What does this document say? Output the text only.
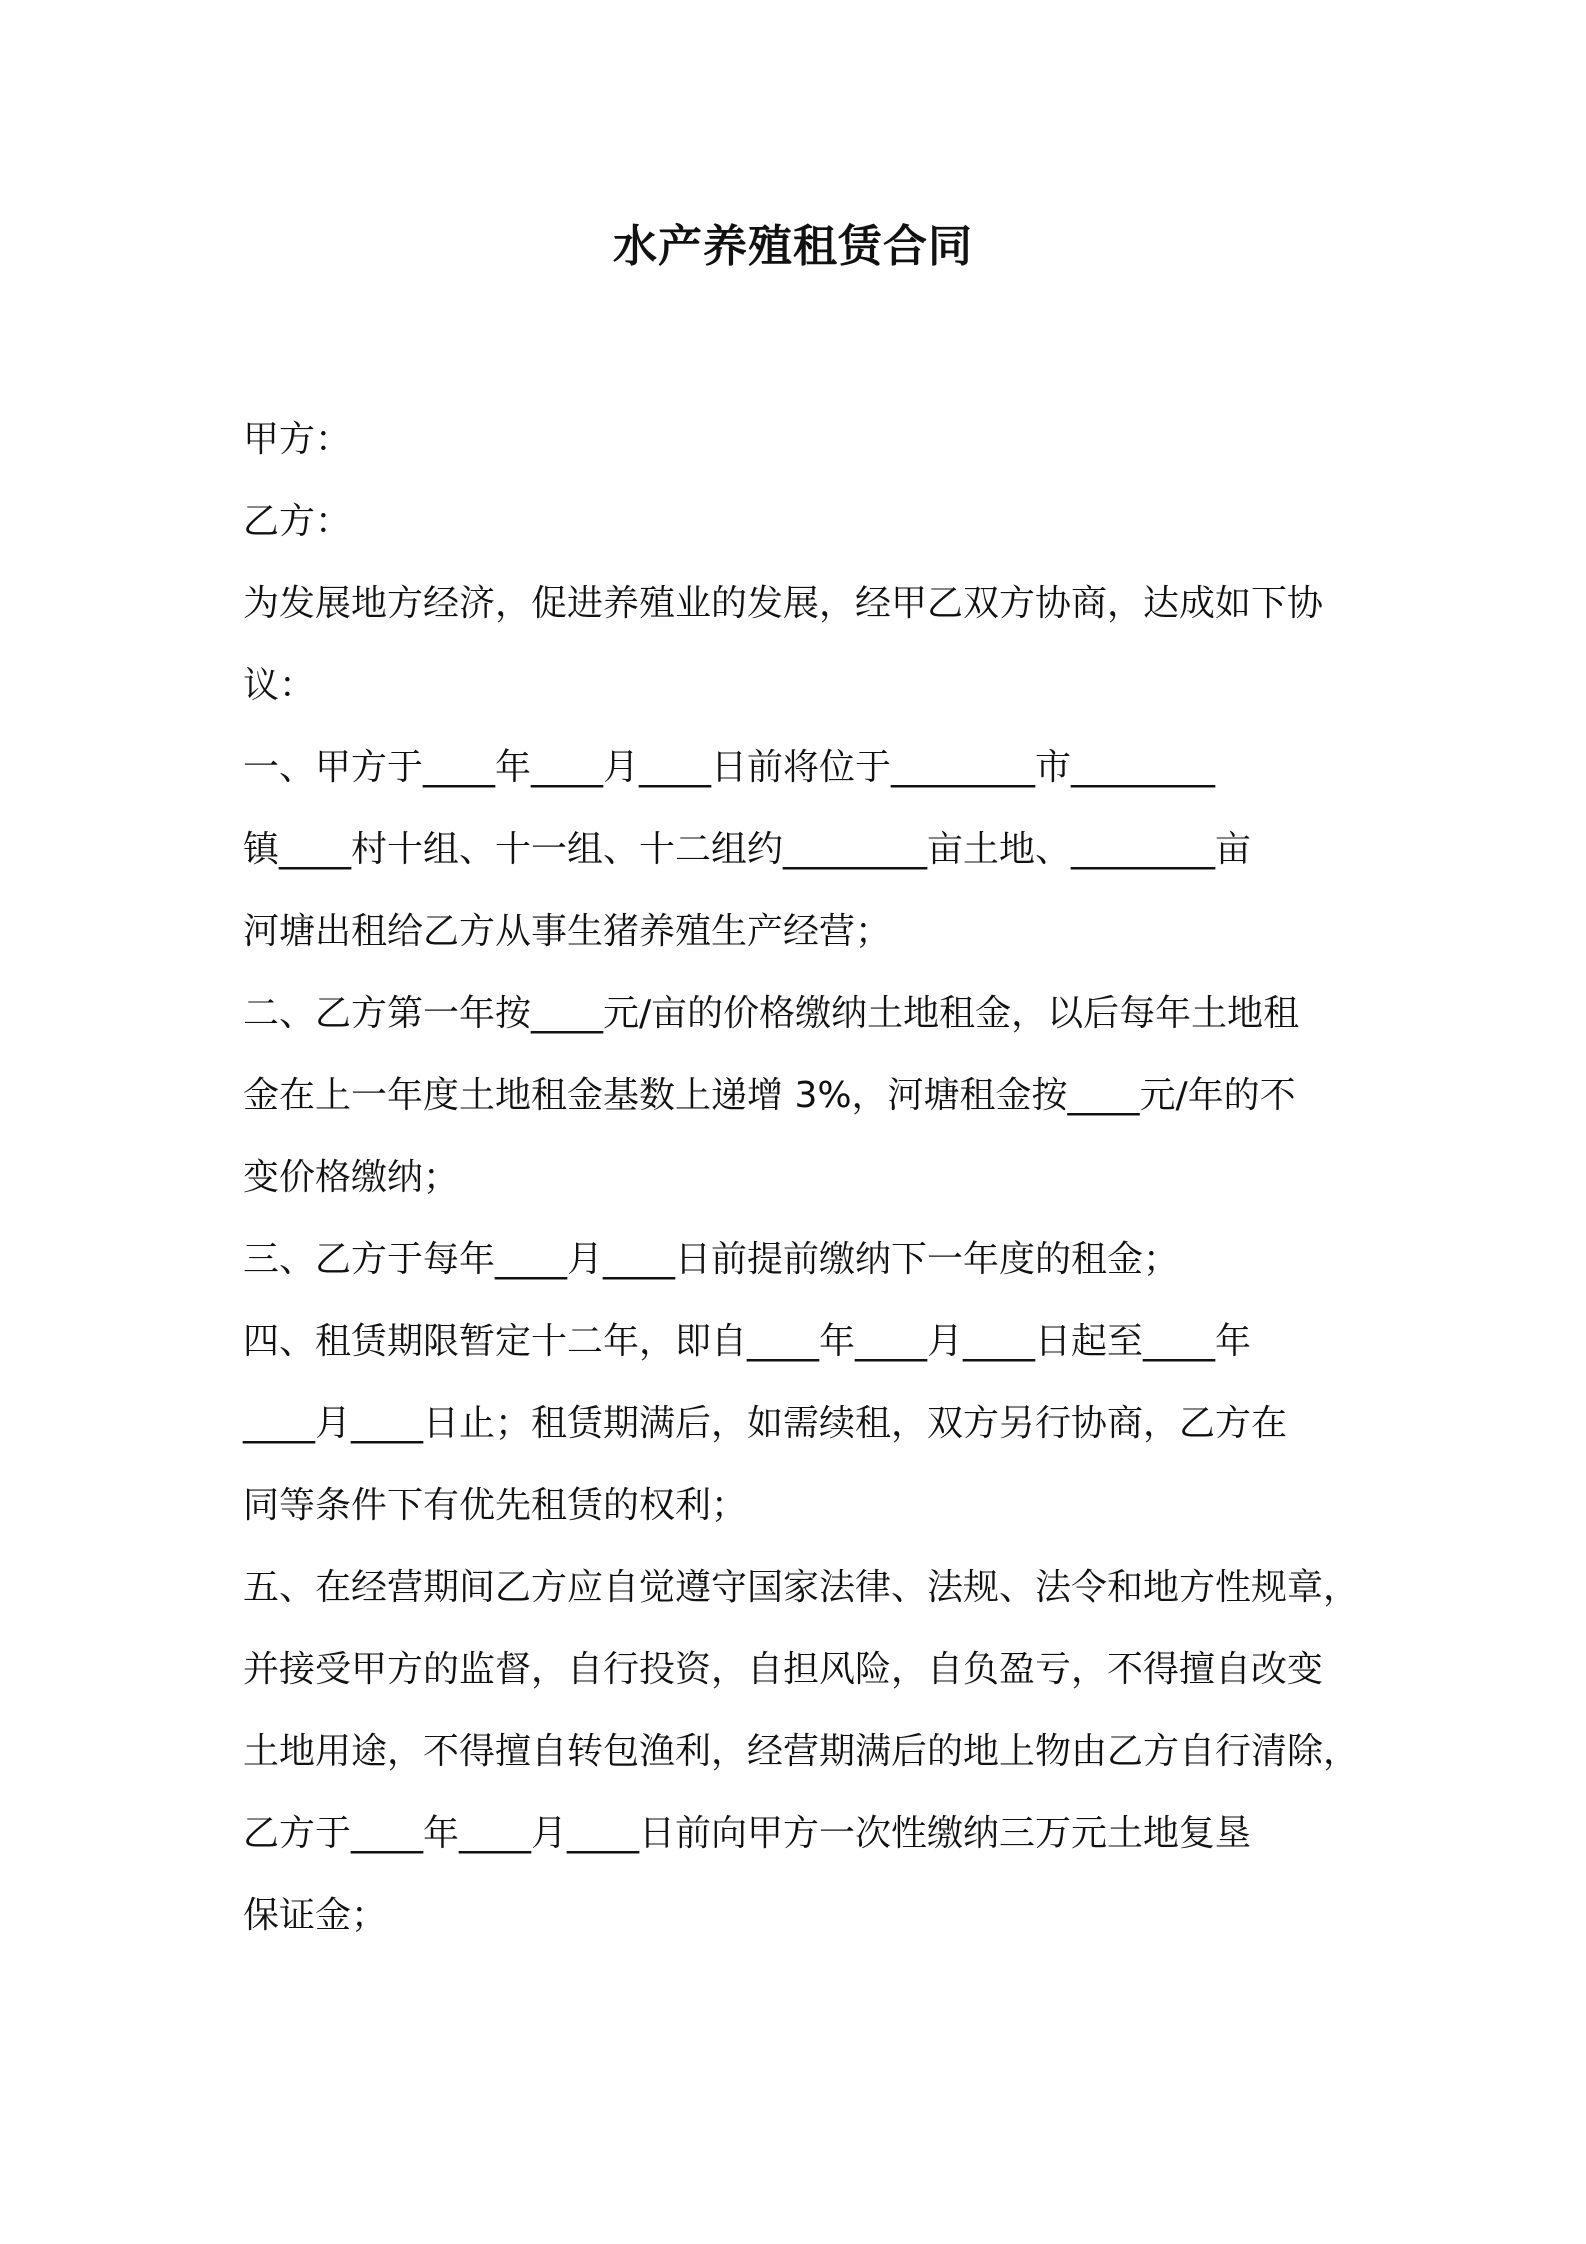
水产养殖租赁合同
甲方：
乙方：
为发展地方经济，促进养殖业的发展，经甲乙双方协商，达成如下协
议：
一、甲方于____年____月____日前将位于________市________
镇____村十组、十一组、十二组约________亩土地、________亩
河塘出租给乙方从事生猪养殖生产经营；
二、乙方第一年按____元/亩的价格缴纳土地租金，以后每年土地租
金在上一年度土地租金基数上递增 3%，河塘租金按____元/年的不
变价格缴纳；
三、乙方于每年____月____日前提前缴纳下一年度的租金；
四、租赁期限暂定十二年，即自____年____月____日起至____年
____月____日止；租赁期满后，如需续租，双方另行协商，乙方在
同等条件下有优先租赁的权利；
五、在经营期间乙方应自觉遵守国家法律、法规、法令和地方性规章，
并接受甲方的监督，自行投资，自担风险，自负盈亏，不得擅自改变
土地用途，不得擅自转包渔利，经营期满后的地上物由乙方自行清除，
乙方于____年____月____日前向甲方一次性缴纳三万元土地复垦
保证金；
